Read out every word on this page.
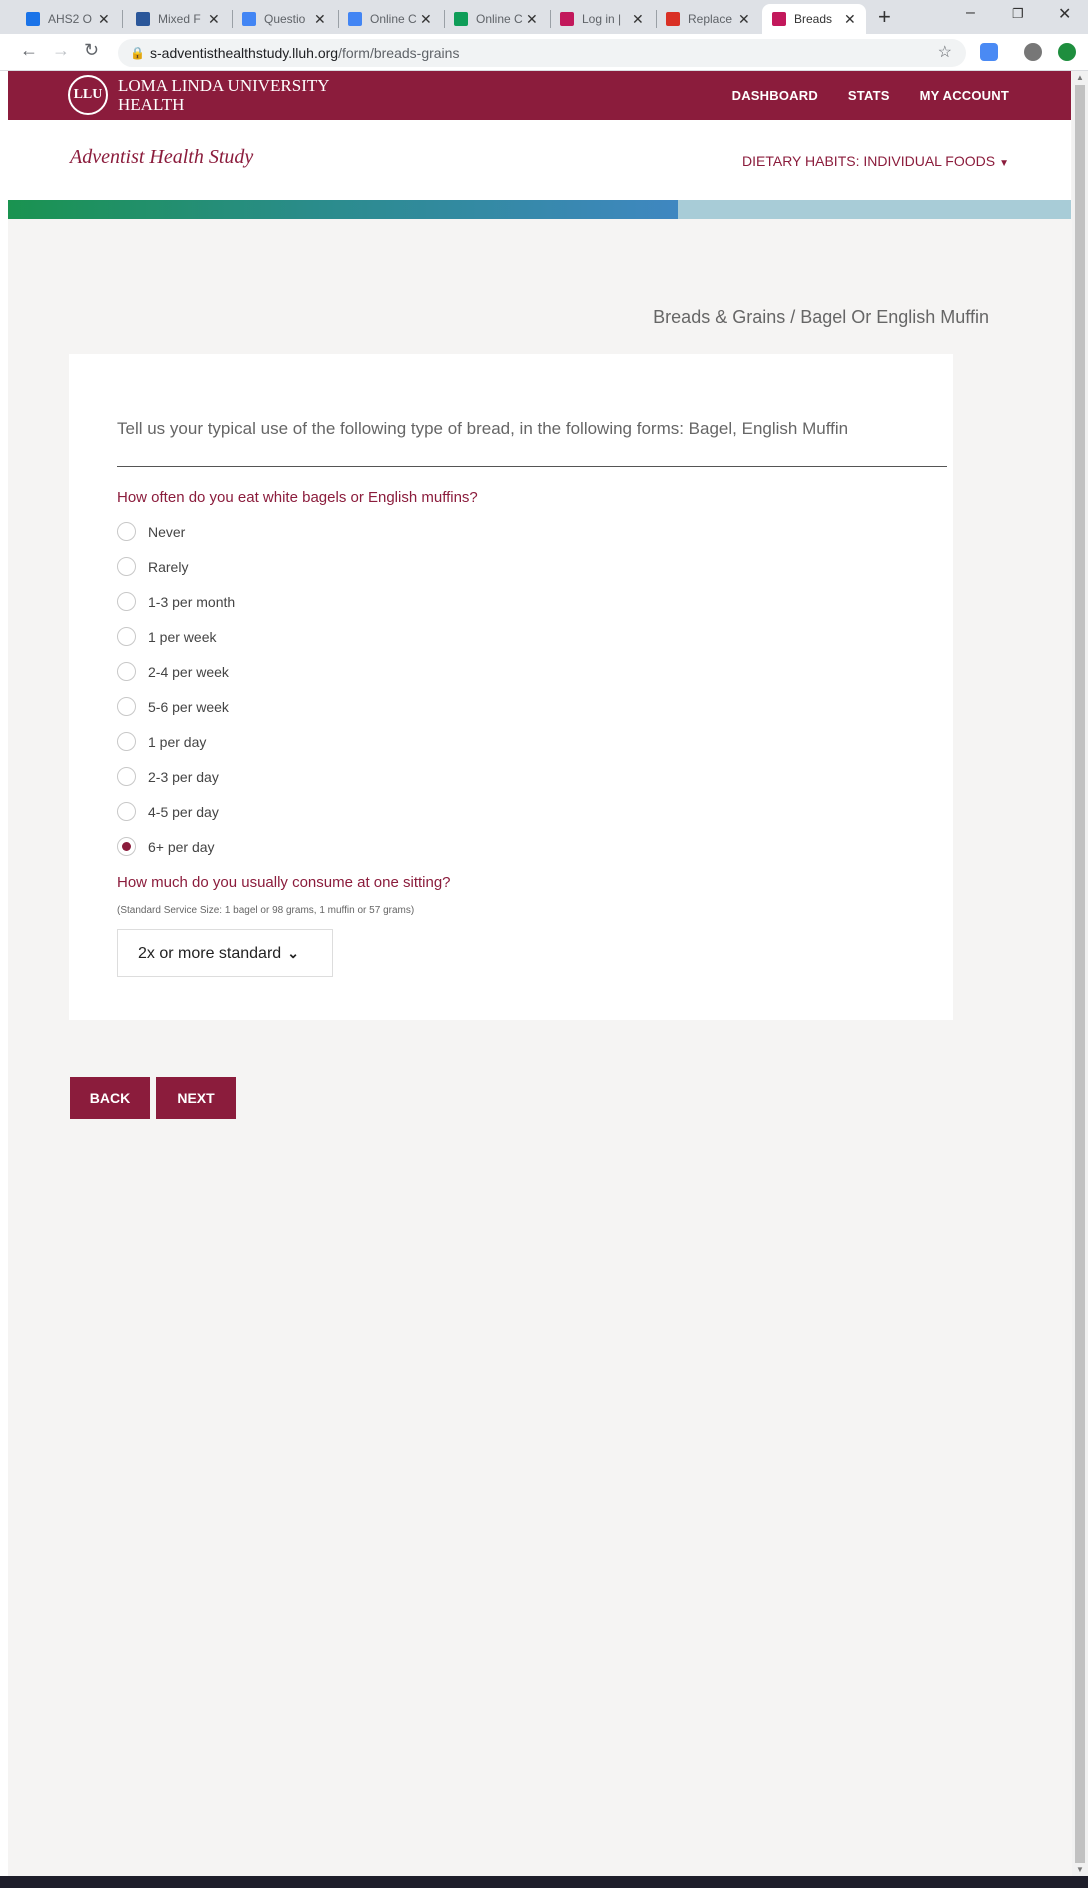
AHS2 O ✕	Mixed F ✕	Questio ✕	Online C ✕	Online C ✕	Log in | ✕	Replace ✕	Breads ✕ +	–	❐ ✕
← → ↻	🔒 s-adventisthealthstudy.lluh.org/form/breads-grains	☆
LLU LOMA LINDA UNIVERSITY HEALTH	DASHBOARD STATS MY ACCOUNT
Adventist Health Study	DIETARY HABITS: INDIVIDUAL FOODS ▼
Breads & Grains / Bagel Or English Muffin
Tell us your typical use of the following type of bread, in the following forms: Bagel, English Muffin
How often do you eat white bagels or English muffins?
Never
Rarely
1-3 per month
1 per week
2-4 per week
5-6 per week
1 per day
2-3 per day
4-5 per day
6+ per day
How much do you usually consume at one sitting?
(Standard Service Size: 1 bagel or 98 grams, 1 muffin or 57 grams)
2x or more standard ⌄
BACK	NEXT
▲
▼
